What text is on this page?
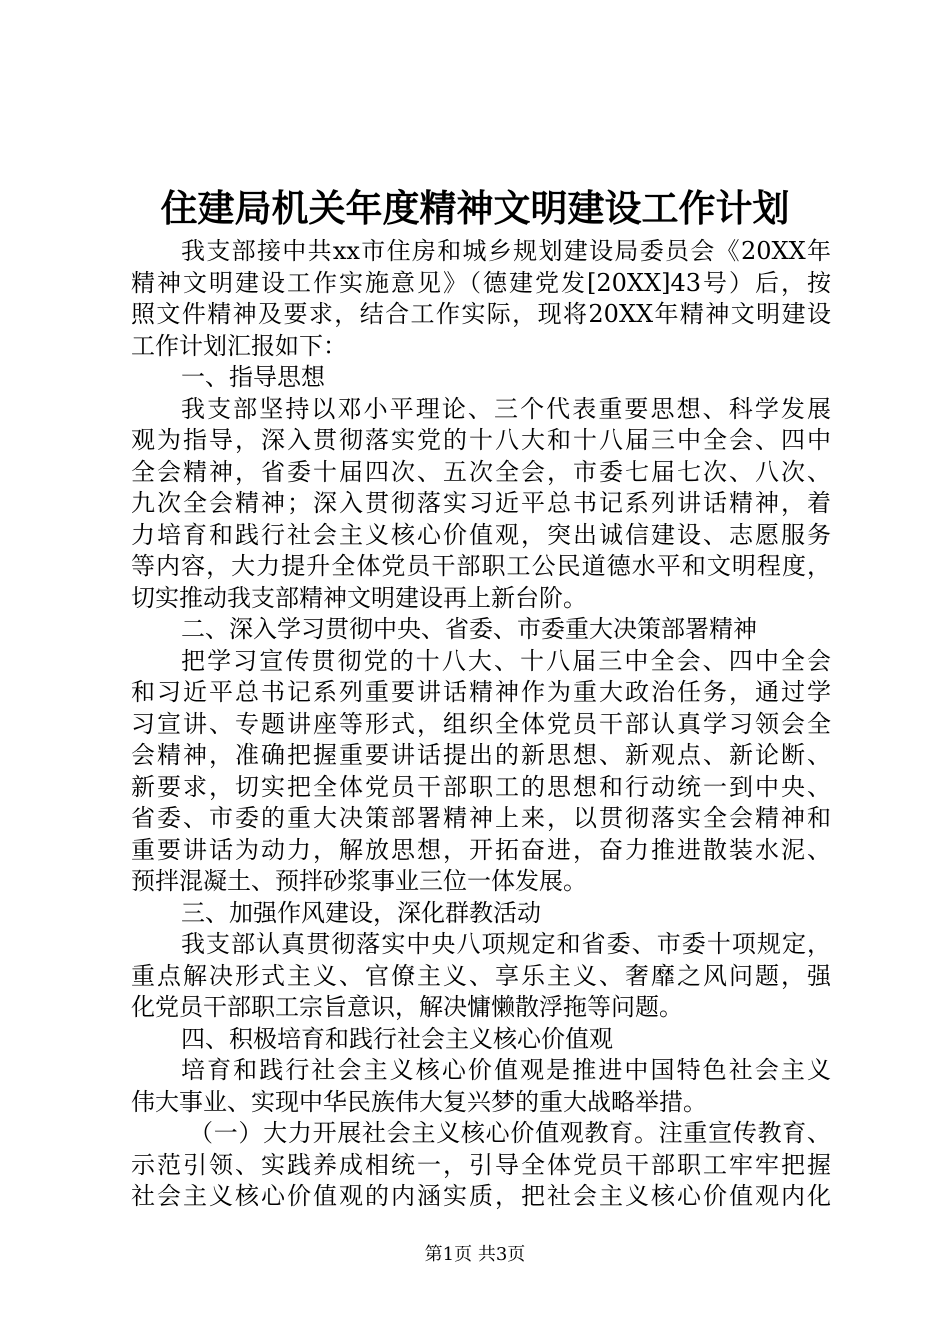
住建局机关年度精神文明建设工作计划
我支部接中共xx市住房和城乡规划建设局委员会《20XX年
精神文明建设工作实施意见》（德建党发[20XX]43号）后，按
照文件精神及要求，结合工作实际，现将20XX年精神文明建设
工作计划汇报如下：
一、指导思想
我支部坚持以邓小平理论、三个代表重要思想、科学发展
观为指导，深入贯彻落实党的十八大和十八届三中全会、四中
全会精神，省委十届四次、五次全会，市委七届七次、八次、
九次全会精神；深入贯彻落实习近平总书记系列讲话精神，着
力培育和践行社会主义核心价值观，突出诚信建设、志愿服务
等内容，大力提升全体党员干部职工公民道德水平和文明程度，
切实推动我支部精神文明建设再上新台阶。
二、深入学习贯彻中央、省委、市委重大决策部署精神
把学习宣传贯彻党的十八大、十八届三中全会、四中全会
和习近平总书记系列重要讲话精神作为重大政治任务，通过学
习宣讲、专题讲座等形式，组织全体党员干部认真学习领会全
会精神，准确把握重要讲话提出的新思想、新观点、新论断、
新要求，切实把全体党员干部职工的思想和行动统一到中央、
省委、市委的重大决策部署精神上来，以贯彻落实全会精神和
重要讲话为动力，解放思想，开拓奋进，奋力推进散装水泥、
预拌混凝土、预拌砂浆事业三位一体发展。
三、加强作风建设，深化群教活动
我支部认真贯彻落实中央八项规定和省委、市委十项规定，
重点解决形式主义、官僚主义、享乐主义、奢靡之风问题，强
化党员干部职工宗旨意识，解决慵懒散浮拖等问题。
四、积极培育和践行社会主义核心价值观
培育和践行社会主义核心价值观是推进中国特色社会主义
伟大事业、实现中华民族伟大复兴梦的重大战略举措。
（一）大力开展社会主义核心价值观教育。注重宣传教育、
示范引领、实践养成相统一，引导全体党员干部职工牢牢把握
社会主义核心价值观的内涵实质，把社会主义核心价值观内化
第1页 共3页
